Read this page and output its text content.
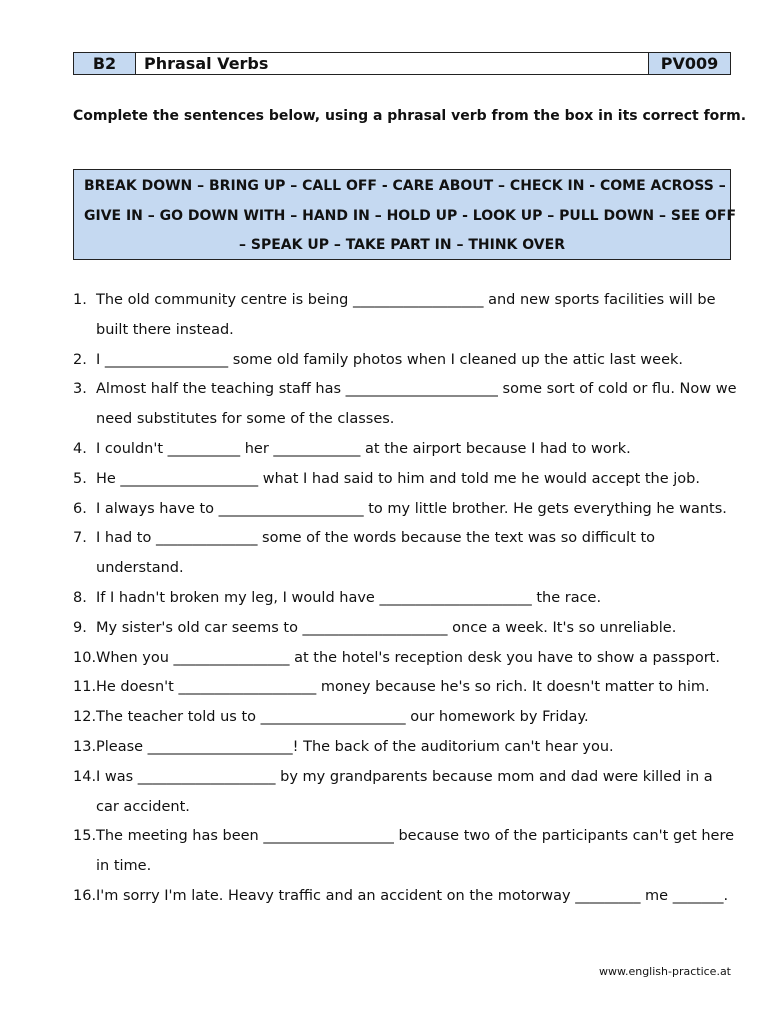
B2	Phrasal Verbs	PV009
Complete the sentences below, using a phrasal verb from the box in its correct form.
BREAK DOWN – BRING UP – CALL OFF - CARE ABOUT – CHECK IN - COME ACROSS –
GIVE IN – GO DOWN WITH – HAND IN – HOLD UP - LOOK UP – PULL DOWN – SEE OFF
– SPEAK UP – TAKE PART IN – THINK OVER
1. The old community centre is being __________________ and new sports facilities will be built there instead.
2. I _________________ some old family photos when I cleaned up the attic last week.
3. Almost half the teaching staff has _____________________ some sort of cold or flu. Now we need substitutes for some of the classes.
4. I couldn't __________ her ____________ at the airport because I had to work.
5. He ___________________ what I had said to him and told me he would accept the job.
6. I always have to ____________________ to my little brother. He gets everything he wants.
7. I had to ______________ some of the words because the text was so difficult to understand.
8. If I hadn't broken my leg, I would have _____________________ the race.
9. My sister's old car seems to ____________________ once a week. It's so unreliable.
10. When you ________________ at the hotel's reception desk you have to show a passport.
11. He doesn't ___________________ money because he's so rich. It doesn't matter to him.
12. The teacher told us to ____________________ our homework by Friday.
13. Please ____________________! The back of the auditorium can't hear you.
14. I was ___________________ by my grandparents because mom and dad were killed in a car accident.
15. The meeting has been __________________ because two of the participants can't get here in time.
16. I'm sorry I'm late. Heavy traffic and an accident on the motorway _________ me _______.
www.english-practice.at
